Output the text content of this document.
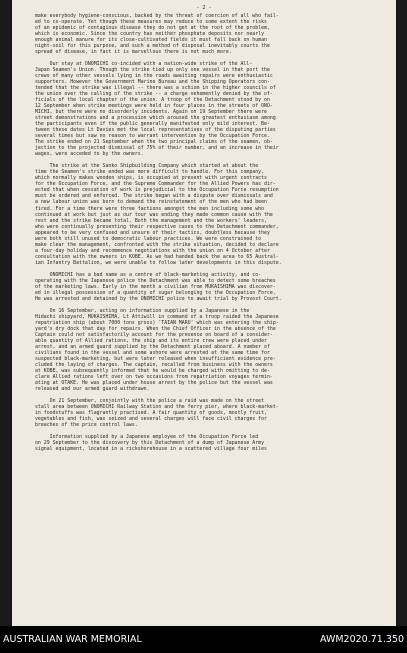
- 2 -
make everybody hygiene-conscious, backed by the threat of coercion of all who fail-
ed to co-operate. Yet though these measures may reduce to some extent the risks
of an epidemic of contagious disease they do not get at the root of the problem,
which is economic. Since the country has neither phosphate deposits nor nearly
enough animal manure for its close-cultivated fields it must fall back on human
night-soil for this purpose, and such a method of disposal inevitably courts the
spread of disease, in fact it is marvellous there is not much more.
Our stay at ONOMICHI co-incided with a nation-wide strike of the All-
Japan Seamen's Union. Though the strike tied up only one vessel in that port the
crews of many other vessels lying in the roads awaiting repairs were enthusiastic
supporters. However the Government Marine Bureau and the Shipping Operators con-
tended that the strike was illegal -- there was a schism in the higher councils of
the union over the calling of the strike -- a charge vehemently denied by the of-
ficials of the local chapter of the union. A troop of the Detachment stood by on
12 September when strike meetings were held in four places in the streets of ONO-
MICHI, but there were no disorderly incidents. Again on 19 September there were
street demonstrations and a procession which aroused the greatest enthusiasm among
the participants even if the public generally manifested only mild interest. Be-
tween these dates Lt Davies met the local representatives of the disputing parties
several times but saw no reason to warrant intervention by the Occupation Force.
The strike ended on 21 September when the two principal claims of the seamen, ob-
jection to the projected dismissal of 75% of their number, and an increase in their
wages, were acceded to by the owners.
The strike at the Sanko Shipbuilding Company which started at about the
time the Seamen's strike ended was more difficult to handle. For this company,
which normally makes wooden ships, is occupied at present with urgent contracts
for the Occupation Force, and the Supreme Commander for the Allied Powers has dir-
ected that when cessation of work is prejudicial to the Occupation Force resumption
must be ordered and enforced. The strike began with a dispute over dismissals and
a new labour union was born to demand the reinstatement of the men who had been
fired. For a time there were three factions amongst the men including some who
continued at work but just as our tour was ending they made common cause with the
rest and the strike became total. Both the management and the workers' leaders,
who were continually presenting their respective cases to the Detachment commander,
appeared to be very confused and unsure of their tactics, doubtless because they
were both still unused to democratic labour practices. We were constrained to
make clear the management, confronted with the strike situation, decided to declare
a four-day holiday and recommence negotiations with the union on 4 October after
consultation with the owners in KOBE. As we had handed back the area to 65 Austral-
ian Infantry Battalion, we were unable to follow later developments in this dispute.
ONOMICHI has a bad name as a centre of black-marketing activity, and co-
operating with the Japanese police the Detachment was able to detect some breaches
of the marketing laws. Early in the month a civilian from MUKAISHIMA was discover-
ed in illegal possession of a quantity of sugar belonging to the Occupation Force.
He was arrested and detained by the ONOMICHI police to await trial by Provost Court.
On 16 September, acting on information supplied by a Japanese in the
Hidachi shipyard, MUKAISHIMA, Lt Attiwill in command of a troop raided the Japanese
repatriation ship (about 7000 tons gross) 'TAIAN MARU' which was entering the ship-
yard's dry dock that day for repairs. When the Chief Officer in the absence of the
Captain could not satisfactorily account for the presence on board of a consider-
able quantity of Allied rations, the ship and its entire crew were placed under
arrest, and an armed guard supplied by the Detachment placed aboard. A number of
civilians found in the vessel and some ashore were arrested at the same time for
suspected black-marketing, but were later released when insufficient evidence pre-
cluded the laying of charges. The captain, recalled from business with the owners
at KOBE, was subsequently informed that he would be charged with omitting to de-
clare Allied rations left over on two occasions from repatriation voyages termin-
ating at OTAKE. He was placed under house arrest by the police but the vessel was
released and our armed guard withdrawn.
On 21 September, conjointly with the police a raid was made on the street
stall area between ONOMICHI Railway Station and the ferry pier, where black-market-
in foodstuffs was flagrantly practised. A fair quantity of goods, mostly fruit,
vegetables and fish, was seized and several charges will face civil charges for
breaches of the price control laws.
Information supplied by a Japanese employee of the Occupation Force led
on 29 September to the discovery by this Detachment of a dump of Japanese Army
signal equipment, located in a rickshorehouse in a scattered village four miles
AUSTRALIAN WAR MEMORIAL	AWM2020.71.350
